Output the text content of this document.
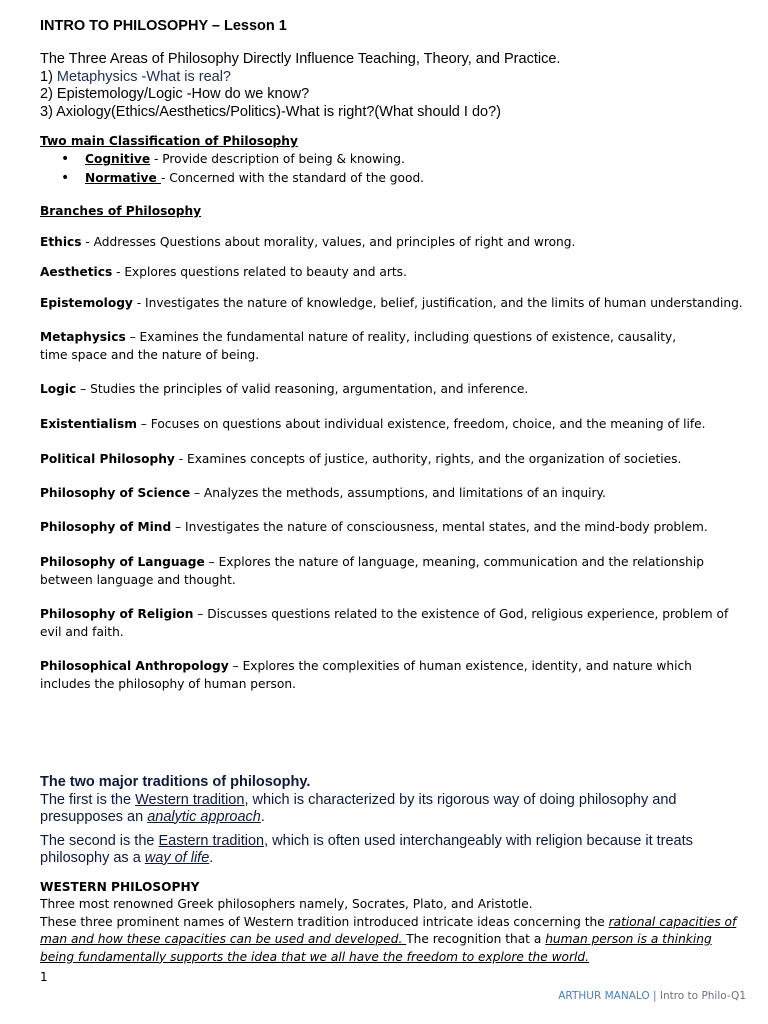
INTRO TO PHILOSOPHY – Lesson 1
The Three Areas of Philosophy Directly Influence Teaching, Theory, and Practice.
1) Metaphysics -What is real?
2) Epistemology/Logic -How do we know?
3) Axiology(Ethics/Aesthetics/Politics)-What is right?(What should I do?)
Two main Classification of Philosophy
• Cognitive - Provide description of being & knowing.
• Normative - Concerned with the standard of the good.
Branches of Philosophy
Ethics - Addresses Questions about morality, values, and principles of right and wrong.
Aesthetics - Explores questions related to beauty and arts.
Epistemology - Investigates the nature of knowledge, belief, justification, and the limits of human understanding.
Metaphysics – Examines the fundamental nature of reality, including questions of existence, causality, time space and the nature of being.
Logic – Studies the principles of valid reasoning, argumentation, and inference.
Existentialism – Focuses on questions about individual existence, freedom, choice, and the meaning of life.
Political Philosophy - Examines concepts of justice, authority, rights, and the organization of societies.
Philosophy of Science – Analyzes the methods, assumptions, and limitations of an inquiry.
Philosophy of Mind – Investigates the nature of consciousness, mental states, and the mind-body problem.
Philosophy of Language – Explores the nature of language, meaning, communication and the relationship between language and thought.
Philosophy of Religion – Discusses questions related to the existence of God, religious experience, problem of evil and faith.
Philosophical Anthropology – Explores the complexities of human existence, identity, and nature which includes the philosophy of human person.
The two major traditions of philosophy.
The first is the Western tradition, which is characterized by its rigorous way of doing philosophy and presupposes an analytic approach.
The second is the Eastern tradition, which is often used interchangeably with religion because it treats philosophy as a way of life.
WESTERN PHILOSOPHY
Three most renowned Greek philosophers namely, Socrates, Plato, and Aristotle.
These three prominent names of Western tradition introduced intricate ideas concerning the rational capacities of man and how these capacities can be used and developed. The recognition that a human person is a thinking being fundamentally supports the idea that we all have the freedom to explore the world.
1
ARTHUR MANALO | Intro to Philo-Q1
